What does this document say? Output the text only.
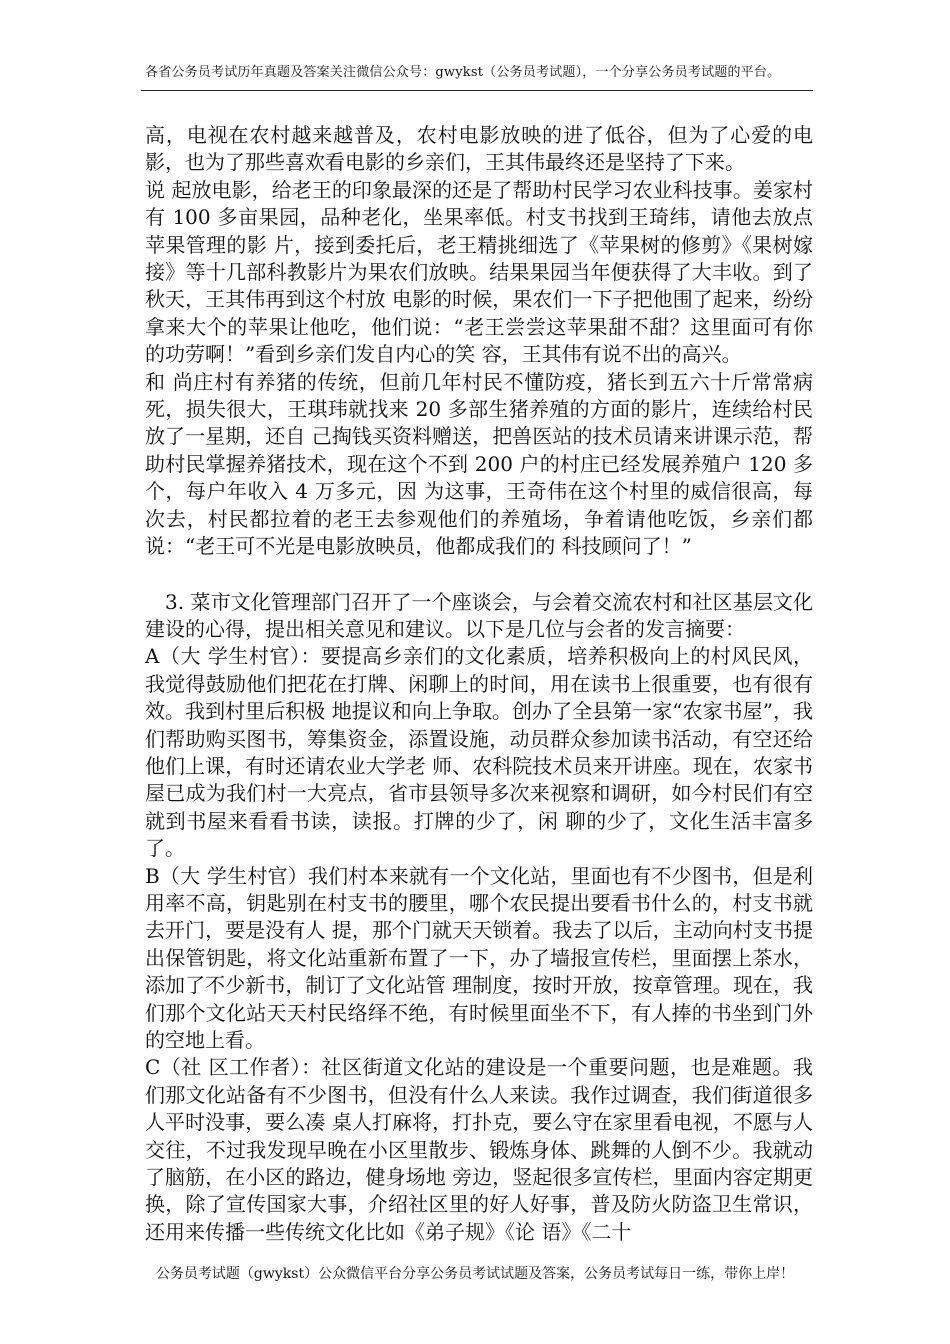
各省公务员考试历年真题及答案关注微信公众号：gwykst（公务员考试题），一个分享公务员考试题的平台。

高，电视在农村越来越普及，农村电影放映的进了低谷，但为了心爱的电影，也为了那些喜欢看电影的乡亲们，王其伟最终还是坚持了下来。

说 起放电影，给老王的印象最深的还是了帮助村民学习农业科技事。姜家村有 100 多亩果园，品种老化，坐果率低。村支书找到王琦纬，请他去放点苹果管理的影 片，接到委托后，老王精挑细选了《苹果树的修剪》《果树嫁接》等十几部科教影片为果农们放映。结果果园当年便获得了大丰收。到了秋天，王其伟再到这个村放 电影的时候，果农们一下子把他围了起来，纷纷拿来大个的苹果让他吃，他们说：“老王尝尝这苹果甜不甜？这里面可有你的功劳啊！”看到乡亲们发自内心的笑 容，王其伟有说不出的高兴。

和 尚庄村有养猪的传统，但前几年村民不懂防疫，猪长到五六十斤常常病死，损失很大，王琪玮就找来 20 多部生猪养殖的方面的影片，连续给村民放了一星期，还自 己掏钱买资料赠送，把兽医站的技术员请来讲课示范，帮助村民掌握养猪技术，现在这个不到 200 户的村庄已经发展养殖户 120 多个，每户年收入 4 万多元，因 为这事，王奇伟在这个村里的威信很高，每次去，村民都拉着的老王去参观他们的养殖场，争着请他吃饭，乡亲们都说：“老王可不光是电影放映员，他都成我们的 科技顾问了！”

3. 菜市文化管理部门召开了一个座谈会，与会着交流农村和社区基层文化建设的心得，提出相关意见和建议。以下是几位与会者的发言摘要：

A（大 学生村官）：要提高乡亲们的文化素质，培养积极向上的村风民风，我觉得鼓励他们把花在打牌、闲聊上的时间，用在读书上很重要，也有很有效。我到村里后积极 地提议和向上争取。创办了全县第一家“农家书屋”，我们帮助购买图书，筹集资金，添置设施，动员群众参加读书活动，有空还给他们上课，有时还请农业大学老 师、农科院技术员来开讲座。现在，农家书屋已成为我们村一大亮点，省市县领导多次来视察和调研，如今村民们有空就到书屋来看看书读，读报。打牌的少了，闲 聊的少了，文化生活丰富多了。

B（大 学生村官）我们村本来就有一个文化站，里面也有不少图书，但是利用率不高，钥匙别在村支书的腰里，哪个农民提出要看书什么的，村支书就去开门，要是没有人 提，那个门就天天锁着。我去了以后，主动向村支书提出保管钥匙，将文化站重新布置了一下，办了墙报宣传栏，里面摆上茶水，添加了不少新书，制订了文化站管 理制度，按时开放，按章管理。现在，我们那个文化站天天村民络绎不绝，有时候里面坐不下，有人捧的书坐到门外的空地上看。

C（社 区工作者）：社区街道文化站的建设是一个重要问题，也是难题。我们那文化站备有不少图书，但没有什么人来读。我作过调查，我们街道很多人平时没事，要么凑 桌人打麻将，打扑克，要么守在家里看电视，不愿与人交往，不过我发现早晚在小区里散步、锻炼身体、跳舞的人倒不少。我就动了脑筋，在小区的路边，健身场地 旁边，竖起很多宣传栏，里面内容定期更换，除了宣传国家大事，介绍社区里的好人好事，普及防火防盗卫生常识，还用来传播一些传统文化比如《弟子规》《论 语》《二十

公务员考试题（gwykst）公众微信平台分享公务员考试试题及答案，公务员考试每日一练，带你上岸！
